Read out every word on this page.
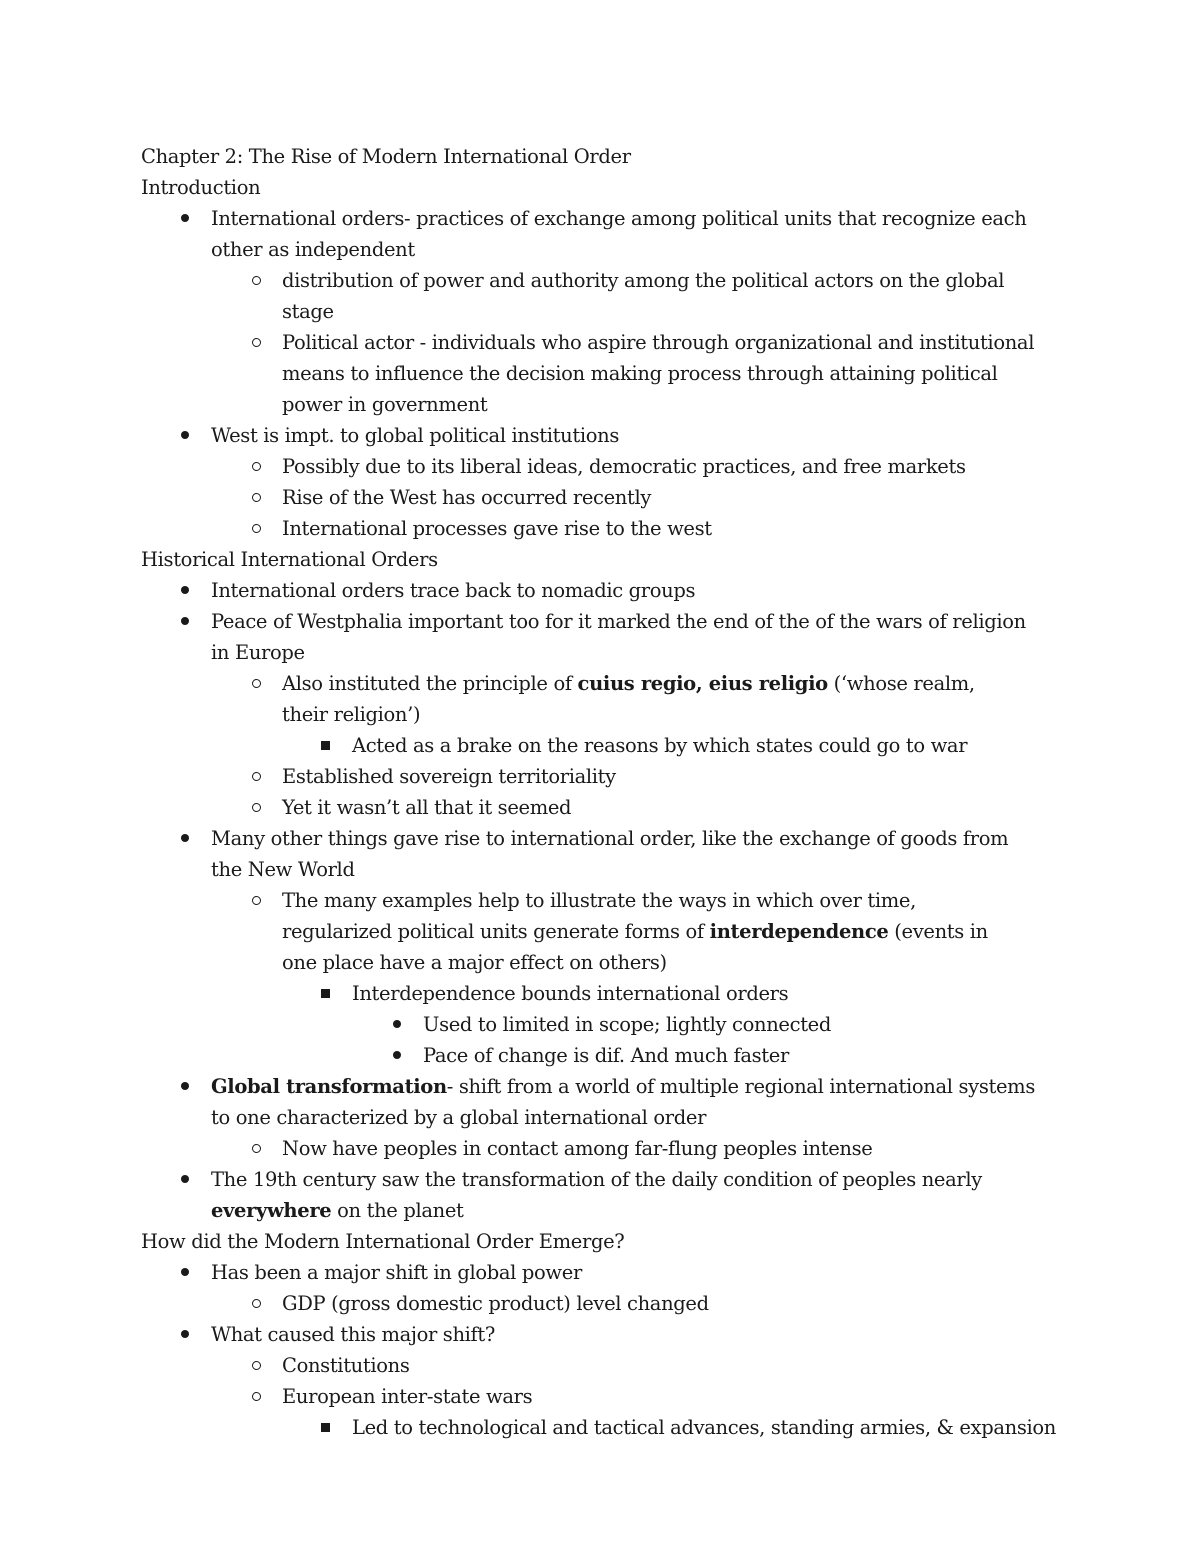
Chapter 2: The Rise of Modern International Order
Introduction
International orders- practices of exchange among political units that recognize each other as independent
distribution of power and authority among the political actors on the global stage
Political actor - individuals who aspire through organizational and institutional means to influence the decision making process through attaining political power in government
West is impt. to global political institutions
Possibly due to its liberal ideas, democratic practices, and free markets
Rise of the West has occurred recently
International processes gave rise to the west
Historical International Orders
International orders trace back to nomadic groups
Peace of Westphalia important too for it marked the end of the of the wars of religion in Europe
Also instituted the principle of cuius regio, eius religio (‘whose realm, their religion’)
Acted as a brake on the reasons by which states could go to war
Established sovereign territoriality
Yet it wasn’t all that it seemed
Many other things gave rise to international order, like the exchange of goods from the New World
The many examples help to illustrate the ways in which over time, regularized political units generate forms of interdependence (events in one place have a major effect on others)
Interdependence bounds international orders
Used to limited in scope; lightly connected
Pace of change is dif. And much faster
Global transformation- shift from a world of multiple regional international systems to one characterized by a global international order
Now have peoples in contact among far-flung peoples intense
The 19th century saw the transformation of the daily condition of peoples nearly everywhere on the planet
How did the Modern International Order Emerge?
Has been a major shift in global power
GDP (gross domestic product) level changed
What caused this major shift?
Constitutions
European inter-state wars
Led to technological and tactical advances, standing armies, & expansion
